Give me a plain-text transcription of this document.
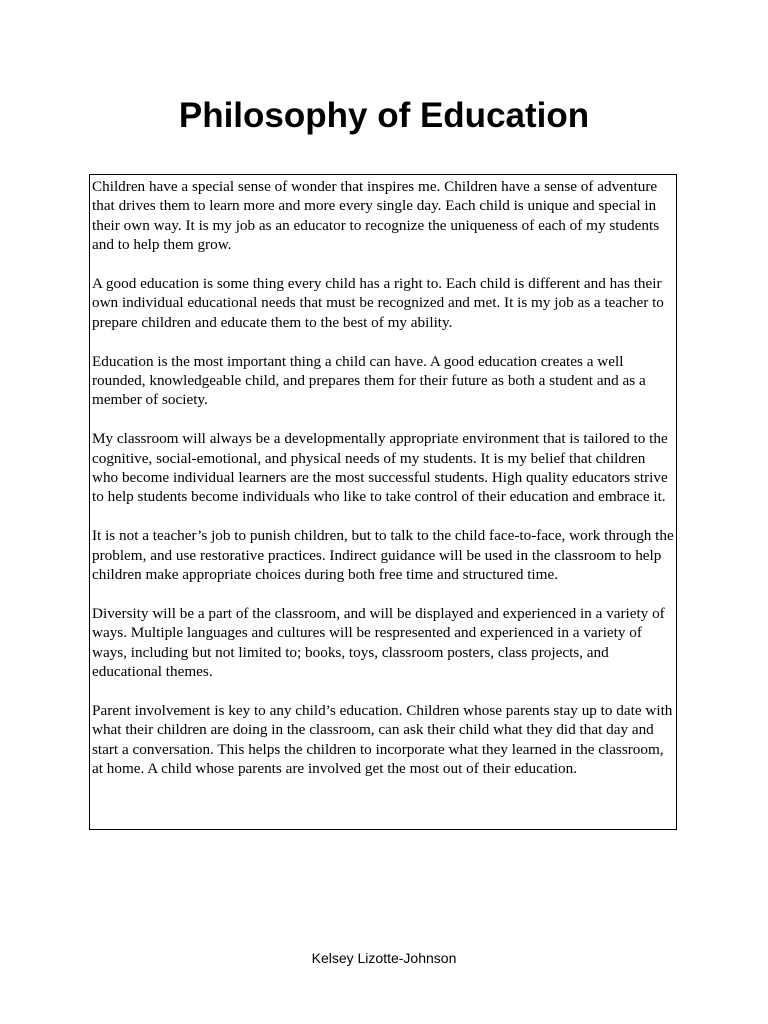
Philosophy of Education

Children have a special sense of wonder that inspires me. Children have a sense of adventure that drives them to learn more and more every single day. Each child is unique and special in their own way. It is my job as an educator to recognize the uniqueness of each of my students and to help them grow.

A good education is some thing every child has a right to. Each child is different and has their own individual educational needs that must be recognized and met. It is my job as a teacher to prepare children and educate them to the best of my ability.

Education is the most important thing a child can have. A good education creates a well rounded, knowledgeable child, and prepares them for their future as both a student and as a member of society.

My classroom will always be a developmentally appropriate environment that is tailored to the cognitive, social-emotional, and physical needs of my students. It is my belief that children who become individual learners are the most successful students. High quality educators strive to help students become individuals who like to take control of their education and embrace it.

It is not a teacher’s job to punish children, but to talk to the child face-to-face, work through the problem, and use restorative practices. Indirect guidance will be used in the classroom to help children make appropriate choices during both free time and structured time.

Diversity will be a part of the classroom, and will be displayed and experienced in a variety of ways. Multiple languages and cultures will be respresented and experienced in a variety of ways, including but not limited to; books, toys, classroom posters, class projects, and educational themes.

Parent involvement is key to any child’s education. Children whose parents stay up to date with what their children are doing in the classroom, can ask their child what they did that day and start a conversation. This helps the children to incorporate what they learned in the classroom, at home. A child whose parents are involved get the most out of their education.

Kelsey Lizotte-Johnson
